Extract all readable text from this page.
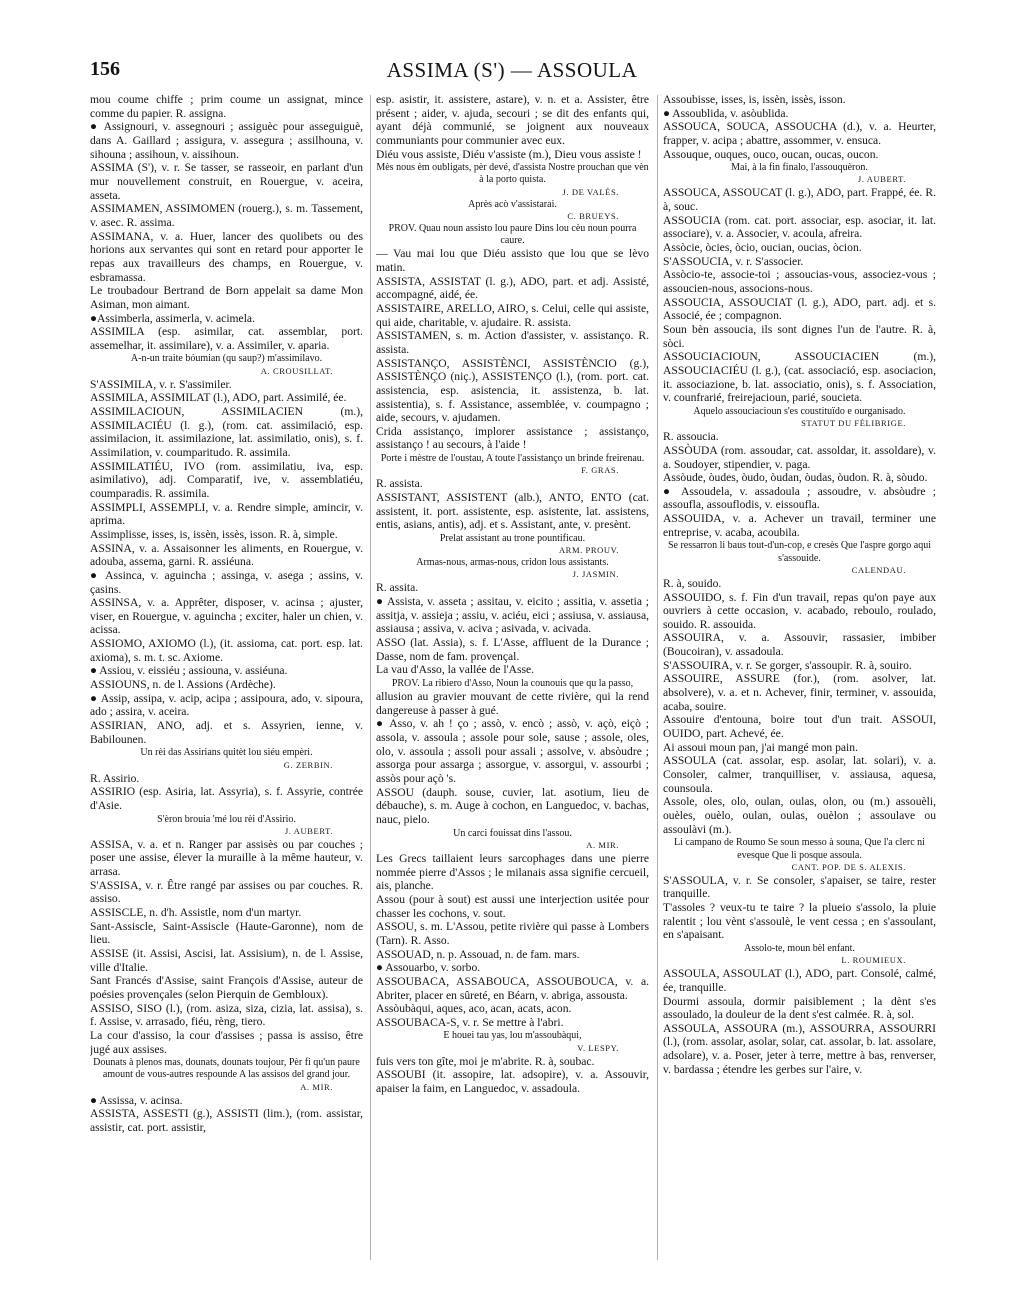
156	ASSIMA (S') — ASSOULA

mou coume chiffe ; prim coume un assignat, mince comme du papier. R. assigna.

● Assignouri, v. assegnouri ; assiguèc pour asseguiguè, dans A. Gaillard ; assigura, v. assegura ; assilhouna, v. sihouna ; assihoun, v. aissihoun.

ASSIMA (S'), v. r. Se tasser, se rasseoir, en parlant d'un mur nouvellement construit, en Rouergue, v. aceira, asseta.

ASSIMAMEN, ASSIMOMEN (rouerg.), s. m. Tassement, v. asec. R. assima.

ASSIMANA, v. a. Huer, lancer des quolibets ou des horions aux servantes qui sont en retard pour apporter le repas aux travailleurs des champs, en Rouergue, v. esbramassa.

Le troubadour Bertrand de Born appelait sa dame Mon Asiman, mon aimant.

●Assimberla, assimerla, v. acimela.

ASSIMILA (esp. asimilar, cat. assemblar, port. assemelhar, it. assimilare), v. a. Assimiler, v. aparia.

A-n-un traite bóumian (qu saup?) m'assimilavo.

A. CROUSILLAT.

S'ASSIMILA, v. r. S'assimiler.

ASSIMILA, ASSIMILAT (l.), ADO, part. Assimilé, ée.

ASSIMILACIOUN, ASSIMILACIEN (m.), ASSIMILACIÉU (l. g.), (rom. cat. assimilació, esp. assimilacion, it. assimilazione, lat. assimilatio, onis), s. f. Assimilation, v. coumparitudo. R. assimila.

ASSIMILATIÉU, IVO (rom. assimilatiu, iva, esp. asimilativo), adj. Comparatif, ive, v. assemblatiéu, coumparadis. R. assimila.

ASSIMPLI, ASSEMPLI, v. a. Rendre simple, amincir, v. aprima.

Assimplisse, isses, is, issèn, issès, isson. R. à, simple.

ASSINA, v. a. Assaisonner les aliments, en Rouergue, v. adouba, assema, garni. R. assiéuna.

● Assinca, v. aguincha ; assinga, v. asega ; assins, v. çasins.

ASSINSA, v. a. Apprêter, disposer, v. acinsa ; ajuster, viser, en Rouergue, v. aguincha ; exciter, haler un chien, v. acissa.

ASSIOMO, AXIOMO (l.), (it. assioma, cat. port. esp. lat. axioma), s. m. t. sc. Axiome.

● Assiou, v. eissiéu ; assiouna, v. assiéuna.

ASSIOUNS, n. de l. Assions (Ardèche).

● Assip, assipa, v. acip, acipa ; assipoura, ado, v. sipoura, ado ; assira, v. aceira.

ASSIRIAN, ANO, adj. et s. Assyrien, ienne, v. Babilounen.

Un rèi das Assirians quitèt lou siéu empèri.

G. ZERBIN.

R. Assirio.

ASSIRIO (esp. Asiria, lat. Assyria), s. f. Assyrie, contrée d'Asie.

S'èron brouia 'mé lou rèi d'Assirio.

J. AUBERT.

ASSISA, v. a. et n. Ranger par assisès ou par couches ; poser une assise, élever la muraille à la même hauteur, v. arrasa.

S'ASSISA, v. r. Être rangé par assises ou par couches. R. assiso.

ASSISCLE, n. d'h. Assistle, nom d'un martyr.

Sant-Assiscle, Saint-Assiscle (Haute-Garonne), nom de lieu.

ASSISE (it. Assisi, Ascisi, lat. Assisium), n. de l. Assise, ville d'Italie.

Sant Francés d'Assise, saint François d'Assise, auteur de poésies provençales (selon Pierquin de Gembloux).

ASSISO, SISO (l.), (rom. asiza, siza, cizia, lat. assisa), s. f. Assise, v. arrasado, fiéu, rèng, tiero.

La cour d'assiso, la cour d'assises ; passa is assiso, être jugé aux assises.

Dounats à plenos mas, dounats, dounats toujour, Pèr fi qu'un paure amount de vous-autres respounde A las assisos del grand jour.

A. MIR.

● Assissa, v. acinsa.

ASSISTA, ASSESTI (g.), ASSISTI (lim.), (rom. assistar, assistir, cat. port. assistir,

esp. asistir, it. assistere, astare), v. n. et a. Assister, être présent ; aider, v. ajuda, secouri ; se dit des enfants qui, ayant déjà communié, se joignent aux nouveaux communiants pour communier avec eux.

Diéu vous assiste, Diéu v'assiste (m.), Dieu vous assiste !

Mès nous èm oubligats, pèr devé, d'assista Nostre prouchan que vèn à la porto quista.

J. DE VALÈS.

Après acò v'assistarai.

C. BRUEYS.

PROV. Quau noun assisto lou paure Dins lou cèu noun pourra caure.

— Vau mai lou que Diéu assisto que lou que se lèvo matin.

ASSISTA, ASSISTAT (l. g.), ADO, part. et adj. Assisté, accompagné, aidé, ée.

ASSISTAIRE, ARELLO, AIRO, s. Celui, celle qui assiste, qui aide, charitable, v. ajudaire. R. assista.

ASSISTAMEN, s. m. Action d'assister, v. assistanço. R. assista.

ASSISTANÇO, ASSISTÈNCI, ASSISTÈNCIO (g.), ASSISTÈNÇO (niç.), ASSISTENÇO (l.), (rom. port. cat. assistencia, esp. asistencia, it. assistenza, b. lat. assistentia), s. f. Assistance, assemblée, v. coumpagno ; aide, secours, v. ajudamen.

Crida assistanço, implorer assistance ; assistanço, assistanço ! au secours, à l'aide !

Porte i mèstre de l'oustau, A toute l'assistanço un brinde freirenau.

F. GRAS.

R. assista.

ASSISTANT, ASSISTENT (alb.), ANTO, ENTO (cat. assistent, it. port. assistente, esp. asistente, lat. assistens, entis, asians, antis), adj. et s. Assistant, ante, v. presènt.

Prelat assistant au trone pountificau.

ARM. PROUV.

Armas-nous, armas-nous, cridon lous assistants.

J. JASMIN.

R. assita.

● Assista, v. asseta ; assitau, v. eicito ; assitia, v. assetia ; assitja, v. assieja ; assiu, v. aciéu, eici ; assiusa, v. assiausa, assiausa ; assiva, v. aciva ; asivada, v. acivada.

ASSO (lat. Assia), s. f. L'Asse, affluent de la Durance ; Dasse, nom de fam. provençal.

La vau d'Asso, la vallée de l'Asse.

PROV. La ribiero d'Asso, Noun la counouis que qu la passo,

allusion au gravier mouvant de cette rivière, qui la rend dangereuse à passer à gué.

● Asso, v. ah ! ço ; assò, v. encò ; assò, v. açò, eiçò ; assola, v. assoula ; assole pour sole, sause ; assole, oles, olo, v. assoula ; assoli pour assali ; assolve, v. absòudre ; assorga pour assarga ; assorgue, v. assorgui, v. assourbi ; assòs pour açò 's.

ASSOU (dauph. souse, cuvier, lat. asotium, lieu de débauche), s. m. Auge à cochon, en Languedoc, v. bachas, nauc, pielo.

Un carci fouissat dins l'assou.

A. MIR.

Les Grecs taillaient leurs sarcophages dans une pierre nommée pierre d'Assos ; le milanais assa signifie cercueil, ais, planche.

Assou (pour à sout) est aussi une interjection usitée pour chasser les cochons, v. sout.

ASSOU, s. m. L'Assou, petite rivière qui passe à Lombers (Tarn). R. Asso.

ASSOUAD, n. p. Assouad, n. de fam. mars.

● Assouarbo, v. sorbo.

ASSOUBACA, ASSABOUCA, ASSOUBOUCA, v. a. Abriter, placer en sûreté, en Béarn, v. abriga, assousta.

Assòubàqui, aques, aco, acan, acats, acon.

ASSOUBACA-S, v. r. Se mettre à l'abri.

E houei tau yas, lou m'assoubàqui,

V. LESPY.

fuis vers ton gîte, moi je m'abrite. R. à, soubac.

ASSOUBI (it. assopire, lat. adsopire), v. a. Assouvir, apaiser la faim, en Languedoc, v. assadoula.

Assoubisse, isses, is, issèn, issès, isson.

● Assoublida, v. asòublida.

ASSOUCA, SOUCA, ASSOUCHA (d.), v. a. Heurter, frapper, v. acipa ; abattre, assommer, v. ensuca.

Assouque, ouques, ouco, oucan, oucas, oucon.

Mai, à la fin finalo, l'assouquèron.

J. AUBERT.

ASSOUCA, ASSOUCAT (l. g.), ADO, part. Frappé, ée. R. à, souc.

ASSOUCIA (rom. cat. port. associar, esp. asociar, it. lat. associare), v. a. Associer, v. acoula, afreira.

Assòcie, òcies, òcio, oucian, oucias, òcion.

S'ASSOUCIA, v. r. S'associer.

Assòcio-te, associe-toi ; assoucias-vous, associez-vous ; assoucien-nous, associons-nous.

ASSOUCIA, ASSOUCIAT (l. g.), ADO, part. adj. et s. Associé, ée ; compagnon.

Soun bèn assoucia, ils sont dignes l'un de l'autre. R. à, sòci.

ASSOUCIACIOUN, ASSOUCIACIEN (m.), ASSOUCIACIÉU (l. g.), (cat. associació, esp. asociacion, it. associazione, b. lat. associatio, onis), s. f. Association, v. counfrarié, freirejacioun, parié, soucieta.

Aquelo assouciacioun s'es coustituïdo e ourganisado.

STATUT DU FÉLIBRIGE.

R. assoucia.

ASSÒUDA (rom. assoudar, cat. assoldar, it. assoldare), v. a. Soudoyer, stipendier, v. paga.

Assòude, òudes, òudo, òudan, òudas, òudon. R. à, sòudo.

● Assoudela, v. assadoula ; assoudre, v. absòudre ; assoufla, assouflodis, v. eissoufla.

ASSOUIDA, v. a. Achever un travail, terminer une entreprise, v. acaba, acoubila.

Se ressarron li baus tout-d'un-cop, e cresès Que l'aspre gorgo aqui s'assouide.

CALENDAU.

R. à, souido.

ASSOUIDO, s. f. Fin d'un travail, repas qu'on paye aux ouvriers à cette occasion, v. acabado, reboulo, roulado, souido. R. assouida.

ASSOUIRA, v. a. Assouvir, rassasier, imbiber (Boucoiran), v. assadoula.

S'ASSOUIRA, v. r. Se gorger, s'assoupir. R. à, souiro.

ASSOUIRE, ASSURE (for.), (rom. asolver, lat. absolvere), v. a. et n. Achever, finir, terminer, v. assouida, acaba, souire.

Assouire d'entouna, boire tout d'un trait. ASSOUI, OUIDO, part. Achevé, ée.

Ai assoui moun pan, j'ai mangé mon pain.

ASSOULA (cat. assolar, esp. asolar, lat. solari), v. a. Consoler, calmer, tranquilliser, v. assiausa, aquesa, counsoula.

Assole, oles, olo, oulan, oulas, olon, ou (m.) assouèli, ouèles, ouèlo, oulan, oulas, ouèlon ; assoulave ou assoulàvi (m.).

Li campano de Roumo Se soun messo à souna, Que l'a clerc ni evesque Que li posque assoula.

CANT. POP. DE S. ALEXIS.

S'ASSOULA, v. r. Se consoler, s'apaiser, se taire, rester tranquille.

T'assoles ? veux-tu te taire ? la plueio s'assolo, la pluie ralentit ; lou vènt s'assoulè, le vent cessa ; en s'assoulant, en s'apaisant.

Assolo-te, moun bèl enfant.

L. ROUMIEUX.

ASSOULA, ASSOULAT (l.), ADO, part. Consolé, calmé, ée, tranquille.

Dourmi assoula, dormir paisiblement ; la dènt s'es assoulado, la douleur de la dent s'est calmée. R. à, sol.

ASSOULA, ASSOURA (m.), ASSOURRA, ASSOURRI (l.), (rom. assolar, asolar, solar, cat. assolar, b. lat. assolare, adsolare), v. a. Poser, jeter à terre, mettre à bas, renverser, v. bardassa ; étendre les gerbes sur l'aire, v.
